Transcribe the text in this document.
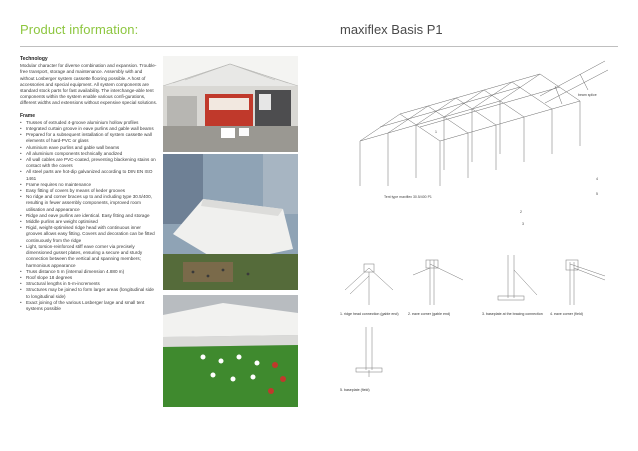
Product information:	maxiflex Basis P1
Technology

Modular character for diverse combination and expansion. Trouble-free transport, storage and maintenance. Assembly with and without Losberger system cassette flooring possible. A host of accessories and special equipment. All system components are standard stock parts for fast availability. The interchange-able tent components within the system enable various confi-gurations, different widths and extensions without expensive special solutions.

Frame
• Trusses of extruded 4-groove aluminium hollow profiles
• Integrated curtain groove in eave purlins and gable wall beams
• Prepared for a subsequent installation of system cassette wall elements of hard-PVC or glass
• Aluminium eave purlins and gable wall beams
• All aluminium components technically anodized
• All wall cables are PVC-coated, preventing blackening stains on contact with the covers
• All steel parts are hot-dip galvanized according to DIN EN ISO 1461
• Frame requires no maintenance
• Easy fitting of covers by means of keder grooves
• No ridge and corner braces up to and including type 30.5/400, resulting in fewer assembly components, improved room utilisation and appearance
• Ridge and eave purlins are identical. Easy fitting and storage
• Middle purlins are weight optimised
• Rigid, weight-optimised ridge head with continuous inner grooves allows easy fitting. Covers and decoration can be fitted continuously from the ridge
• Light, torsion-reinforced stiff eave corner via precisely dimensioned gusset plates, ensuring a secure and sturdy connection between the vertical and spanning members; harmonious appearance
• Truss distance 5 m (internal dimension 4.880 m)
• Roof slope 18 degrees
• Structural lengths in 5-m-increments
• Structures may be joined to form larger areas (longitudinal side to longitudinal side)
• Exact joining of the various Losberger large and small tent systems possible
Tent type maxiflex 30.5/400 P1
beam splice
1
2
3
4
5
1. ridge head connection (gable end)	2. eave corner (gable end)	3. baseplate at the bracing connection	4. eave corner (field)
5. baseplate (field)
